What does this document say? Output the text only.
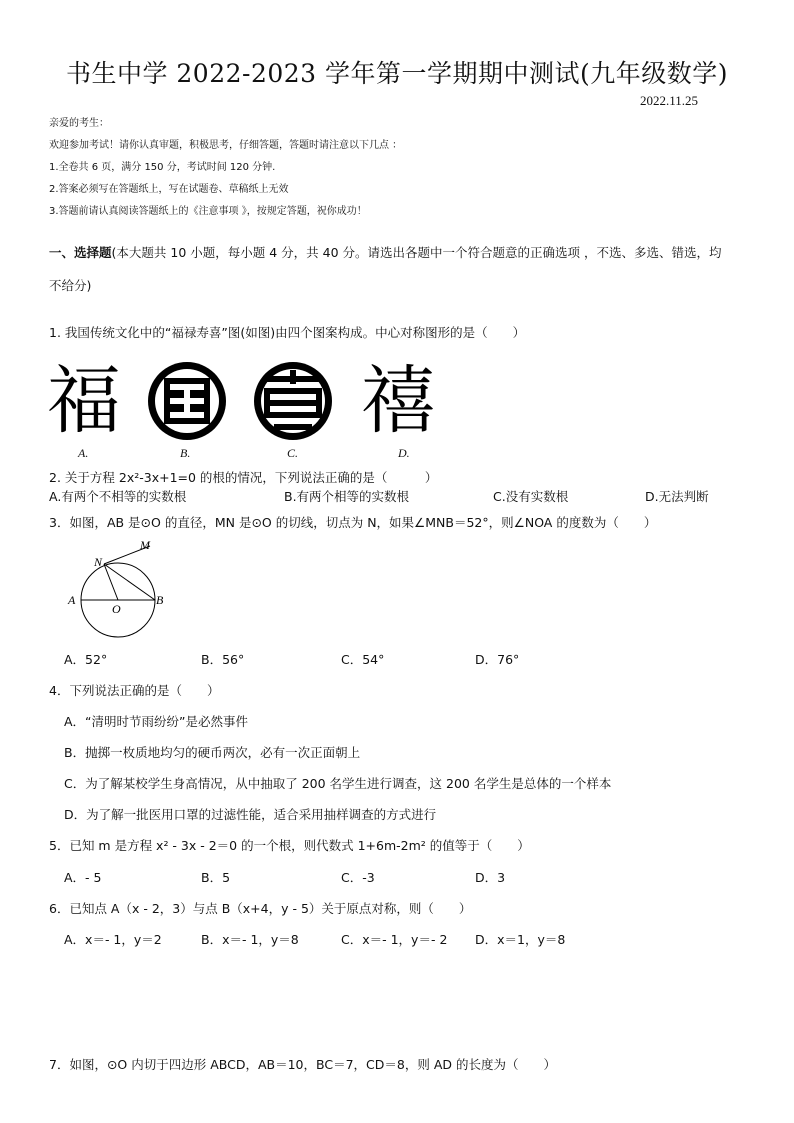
书生中学 2022-2023 学年第一学期期中测试(九年级数学)
2022.11.25
亲爱的考生：
欢迎参加考试！请你认真审题，积极思考，仔细答题，答题时请注意以下几点 ：
1.全卷共 6 页，满分 150 分，考试时间 120 分钟.
2.答案必须写在答题纸上，写在试题卷、草稿纸上无效
3.答题前请认真阅读答题纸上的《注意事项 》，按规定答题，祝你成功！
一、选择题(本大题共 10 小题，每小题 4 分，共 40 分。请选出各题中一个符合题意的正确选项 ，不选、多选、错选，均
不给分)
1. 我国传统文化中的“福禄寿喜”图(如图)由四个图案构成。中心对称图形的是（　　）
福	禧
A.	B.	C.	D.
2. 关于方程 2x²-3x+1=0 的根的情况，下列说法正确的是（　　　）
A.有两个不相等的实数根	B.有两个相等的实数根	C.没有实数根	D.无法判断
3．如图，AB 是⊙O 的直径，MN 是⊙O 的切线，切点为 N，如果∠MNB＝52°，则∠NOA 的度数为（　　）
M
N
A
O
B
A．52°	B．56°	C．54°	D．76°
4．下列说法正确的是（　　）
A．“清明时节雨纷纷”是必然事件
B．抛掷一枚质地均匀的硬币两次，必有一次正面朝上
C．为了解某校学生身高情况，从中抽取了 200 名学生进行调查，这 200 名学生是总体的一个样本
D．为了解一批医用口罩的过滤性能，适合采用抽样调查的方式进行
5．已知 m 是方程 x² - 3x - 2＝0 的一个根，则代数式 1+6m-2m² 的值等于（　　）
A．- 5	B．5	C．-3	D．3
6．已知点 A（x - 2，3）与点 B（x+4，y - 5）关于原点对称，则（　　）
A．x＝- 1，y＝2	B．x＝- 1，y＝8	C．x＝- 1，y＝- 2 D．x＝1，y＝8
7．如图，⊙O 内切于四边形 ABCD，AB＝10，BC＝7，CD＝8，则 AD 的长度为（　　）
